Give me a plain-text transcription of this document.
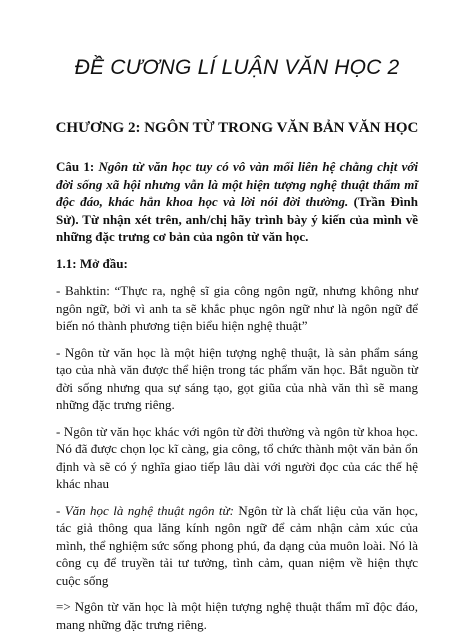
ĐỀ CƯƠNG LÍ LUẬN VĂN HỌC 2
CHƯƠNG 2: NGÔN TỪ TRONG VĂN BẢN VĂN HỌC

Câu 1: Ngôn từ văn học tuy có vô vàn mối liên hệ chằng chịt với đời sống xã hội nhưng vẫn là một hiện tượng nghệ thuật thẩm mĩ độc đáo, khác hẳn khoa học và lời nói đời thường. (Trần Đình Sử). Từ nhận xét trên, anh/chị hãy trình bày ý kiến của mình về những đặc trưng cơ bản của ngôn từ văn học.

1.1: Mở đầu:

- Bahktin: “Thực ra, nghệ sĩ gia công ngôn ngữ, nhưng không như ngôn ngữ, bởi vì anh ta sẽ khắc phục ngôn ngữ như là ngôn ngữ để biến nó thành phương tiện biểu hiện nghệ thuật”

- Ngôn từ văn học là một hiện tượng nghệ thuật, là sản phẩm sáng tạo của nhà văn được thể hiện trong tác phẩm văn học. Bắt nguồn từ đời sống nhưng qua sự sáng tạo, gọt giũa của nhà văn thì sẽ mang những đặc trưng riêng.

- Ngôn từ văn học khác với ngôn từ đời thường và ngôn từ khoa học. Nó đã được chọn lọc kĩ càng, gia công, tổ chức thành một văn bản ổn định và sẽ có ý nghĩa giao tiếp lâu dài với người đọc của các thế hệ khác nhau

- Văn học là nghệ thuật ngôn từ: Ngôn từ là chất liệu của văn học, tác giả thông qua lăng kính ngôn ngữ để cảm nhận cảm xúc của mình, thể nghiệm sức sống phong phú, đa dạng của muôn loài. Nó là công cụ để truyền tải tư tưởng, tình cảm, quan niệm về hiện thực cuộc sống

=> Ngôn từ văn học là một hiện tượng nghệ thuật thẩm mĩ độc đáo, mang những đặc trưng riêng.
